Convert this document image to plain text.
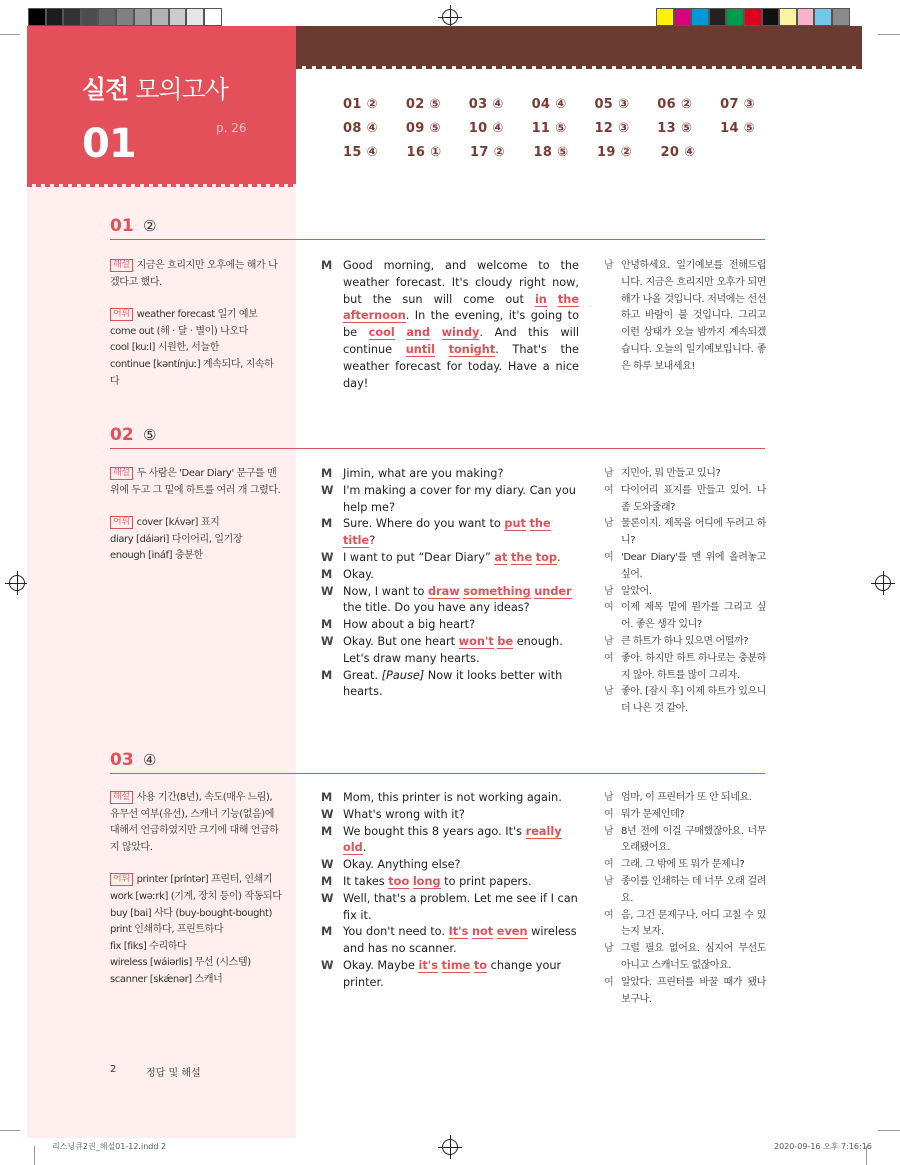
실전 모의고사
01	p. 26
01 ②	02 ⑤	03 ④	04 ④	05 ③	06 ②	07 ③
08 ④	09 ⑤	10 ④	11 ⑤	12 ③	13 ⑤	14 ⑤
15 ④	16 ①	17 ②	18 ⑤	19 ②	20 ④
01 ②
해설 지금은 흐리지만 오후에는 해가 나
겠다고 했다.
어휘 weather forecast 일기 예보
come out (해 · 달 · 별이) 나오다
cool [kuːl] 시원한, 서늘한
continue [kəntínjuː] 계속되다, 지속하다
M Good morning, and welcome to the weather forecast. It's cloudy right now, but the sun will come out in the afternoon. In the evening, it's going to be cool and windy. And this will continue until tonight. That's the weather forecast for today. Have a nice day!
남 안녕하세요. 일기예보를 전해드립니다. 지금은 흐리지만 오후가 되면 해가 나올 것입니다. 저녁에는 선선하고 바람이 불 것입니다. 그리고 이런 상태가 오늘 밤까지 계속되겠습니다. 오늘의 일기예보입니다. 좋은 하루 보내세요!
02 ⑤
해설 두 사람은 'Dear Diary' 문구를 맨
위에 두고 그 밑에 하트를 여러 개 그렸다.
어휘 cover [kʌ́vər] 표지
diary [dáiəri] 다이어리, 일기장
enough [ináf] 충분한
M Jimin, what are you making?
W I'm making a cover for my diary. Can you help me?
M Sure. Where do you want to put the title?
W I want to put “Dear Diary” at the top.
M Okay.
W Now, I want to draw something under the title. Do you have any ideas?
M How about a big heart?
W Okay. But one heart won't be enough. Let's draw many hearts.
M Great. [Pause] Now it looks better with hearts.
남 지민아, 뭐 만들고 있니?
여 다이어리 표지를 만들고 있어. 나 좀 도와줄래?
남 물론이지. 제목을 어디에 두려고 하니?
여 'Dear Diary'를 맨 위에 올려놓고 싶어.
남 알았어.
여 이제 제목 밑에 뭔가를 그리고 싶어. 좋은 생각 있니?
남 큰 하트가 하나 있으면 어떨까?
여 좋아. 하지만 하트 하나로는 충분하지 않아. 하트를 많이 그리자.
남 좋아. [잠시 후] 이제 하트가 있으니 더 나은 것 같아.
03 ④
해설 사용 기간(8년), 속도(매우 느림),
유무선 여부(유선), 스캐너 기능(없음)에
대해서 언급하였지만 크기에 대해 언급하
지 않았다.
어휘 printer [príntər] 프린터, 인쇄기
work [wəːrk] (기계, 장치 등이) 작동되다
buy [bai] 사다 (buy-bought-bought)
print 인쇄하다, 프린트하다
fix [fiks] 수리하다
wireless [wáiərlis] 무선 (시스템)
scanner [skǽnər] 스캐너
M Mom, this printer is not working again.
W What's wrong with it?
M We bought this 8 years ago. It's really old.
W Okay. Anything else?
M It takes too long to print papers.
W Well, that's a problem. Let me see if I can fix it.
M You don't need to. It's not even wireless and has no scanner.
W Okay. Maybe it's time to change your printer.
남 엄마, 이 프린터가 또 안 되네요.
여 뭐가 문제인데?
남 8년 전에 이걸 구매했잖아요. 너무 오래됐어요.
여 그래. 그 밖에 또 뭐가 문제니?
남 종이를 인쇄하는 데 너무 오래 걸려요.
여 음, 그건 문제구나. 어디 고칠 수 있는지 보자.
남 그럴 필요 없어요. 심지어 무선도 아니고 스캐너도 없잖아요.
여 알았다. 프린터를 바꿀 때가 됐나 보구나.
2	정답 및 해설
리스닝큐2권_해설01-12.indd 2	2020-09-16 오후 7:16:16
